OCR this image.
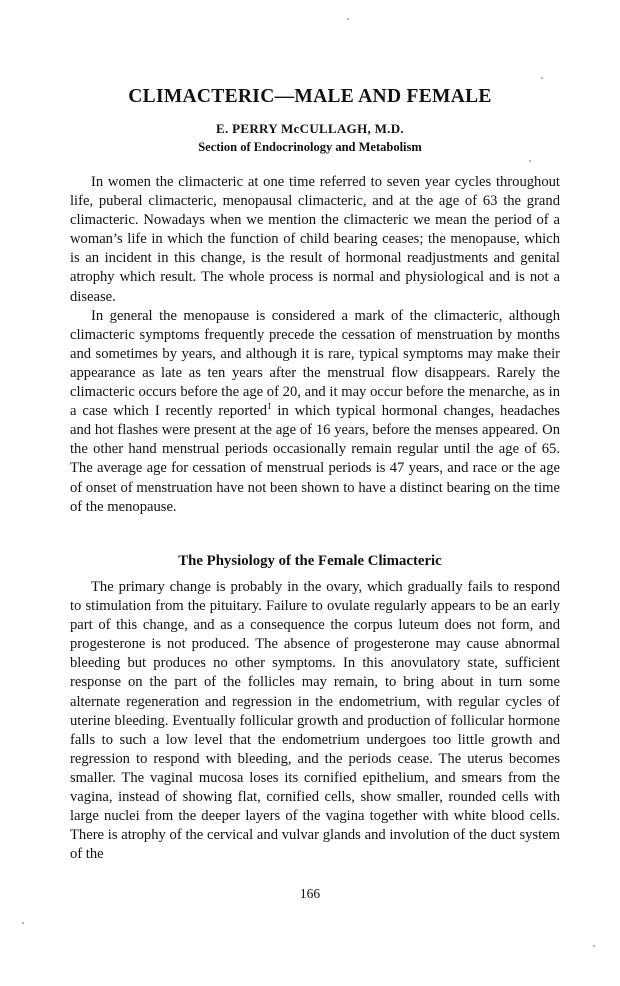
CLIMACTERIC—MALE AND FEMALE
E. PERRY McCULLAGH, M.D.
Section of Endocrinology and Metabolism

In women the climacteric at one time referred to seven year cycles throughout life, puberal climacteric, menopausal climacteric, and at the age of 63 the grand climacteric. Nowadays when we mention the climacteric we mean the period of a woman’s life in which the function of child bearing ceases; the menopause, which is an incident in this change, is the result of hormonal readjustments and genital atrophy which result. The whole process is normal and physiological and is not a disease.

In general the menopause is considered a mark of the climacteric, although climacteric symptoms frequently precede the cessation of menstruation by months and sometimes by years, and although it is rare, typical symptoms may make their appearance as late as ten years after the menstrual flow disappears. Rarely the climacteric occurs before the age of 20, and it may occur before the menarche, as in a case which I recently reported$^1$ in which typical hormonal changes, headaches and hot flashes were present at the age of 16 years, before the menses appeared. On the other hand menstrual periods occasionally remain regular until the age of 65. The average age for cessation of menstrual periods is 47 years, and race or the age of onset of menstruation have not been shown to have a distinct bearing on the time of the menopause.

The Physiology of the Female Climacteric

The primary change is probably in the ovary, which gradually fails to respond to stimulation from the pituitary. Failure to ovulate regularly appears to be an early part of this change, and as a consequence the corpus luteum does not form, and progesterone is not produced. The absence of progesterone may cause abnormal bleeding but produces no other symptoms. In this anovulatory state, sufficient response on the part of the follicles may remain, to bring about in turn some alternate regeneration and regression in the endometrium, with regular cycles of uterine bleeding. Eventually follicular growth and production of follicular hormone falls to such a low level that the endometrium undergoes too little growth and regression to respond with bleeding, and the periods cease. The uterus becomes smaller. The vaginal mucosa loses its cornified epithelium, and smears from the vagina, instead of showing flat, cornified cells, show smaller, rounded cells with large nuclei from the deeper layers of the vagina together with white blood cells. There is atrophy of the cervical and vulvar glands and involution of the duct system of the

166
